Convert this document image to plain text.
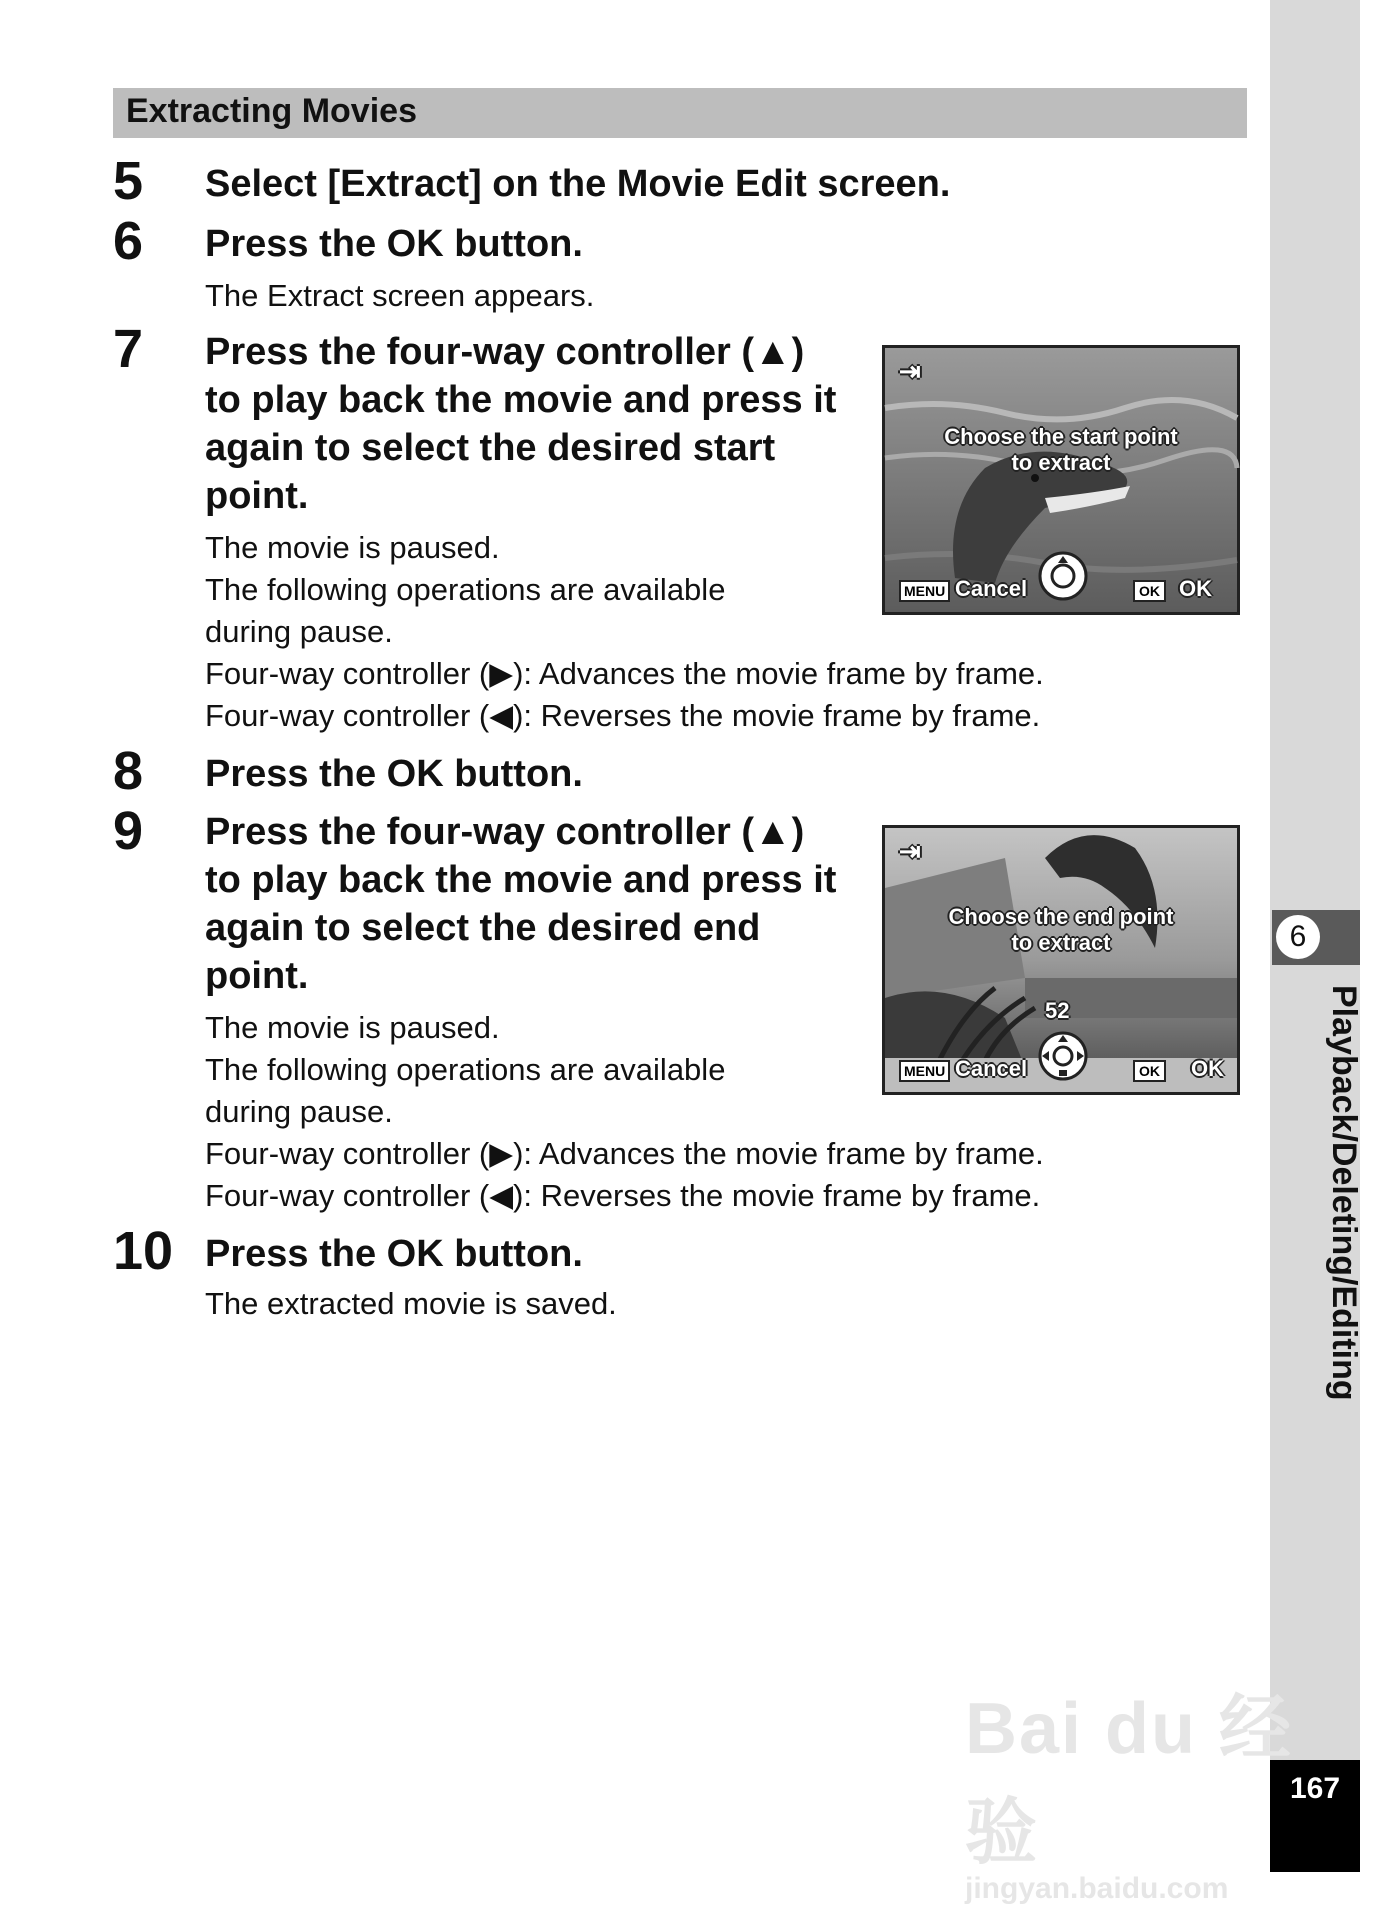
6
Playback/Deleting/Editing
167
Extracting Movies
5 Select [Extract] on the Movie Edit screen.
6 Press the OK button.
The Extract screen appears.
7 Press the four-way controller (▲)
to play back the movie and press it
again to select the desired start
point.
The movie is paused.
The following operations are available
during pause.
Four-way controller (▶): Advances the movie frame by frame.
Four-way controller (◀): Reverses the movie frame by frame.
⇥
Choose the start point
to extract
MENU Cancel	OK OK
8 Press the OK button.
9 Press the four-way controller (▲)
to play back the movie and press it
again to select the desired end
point.
The movie is paused.
The following operations are available
during pause.
Four-way controller (▶): Advances the movie frame by frame.
Four-way controller (◀): Reverses the movie frame by frame.
⇥
Choose the end point
to extract
52
MENU Cancel	OK OK
10 Press the OK button.
The extracted movie is saved.
Bai du 经验
jingyan.baidu.com
